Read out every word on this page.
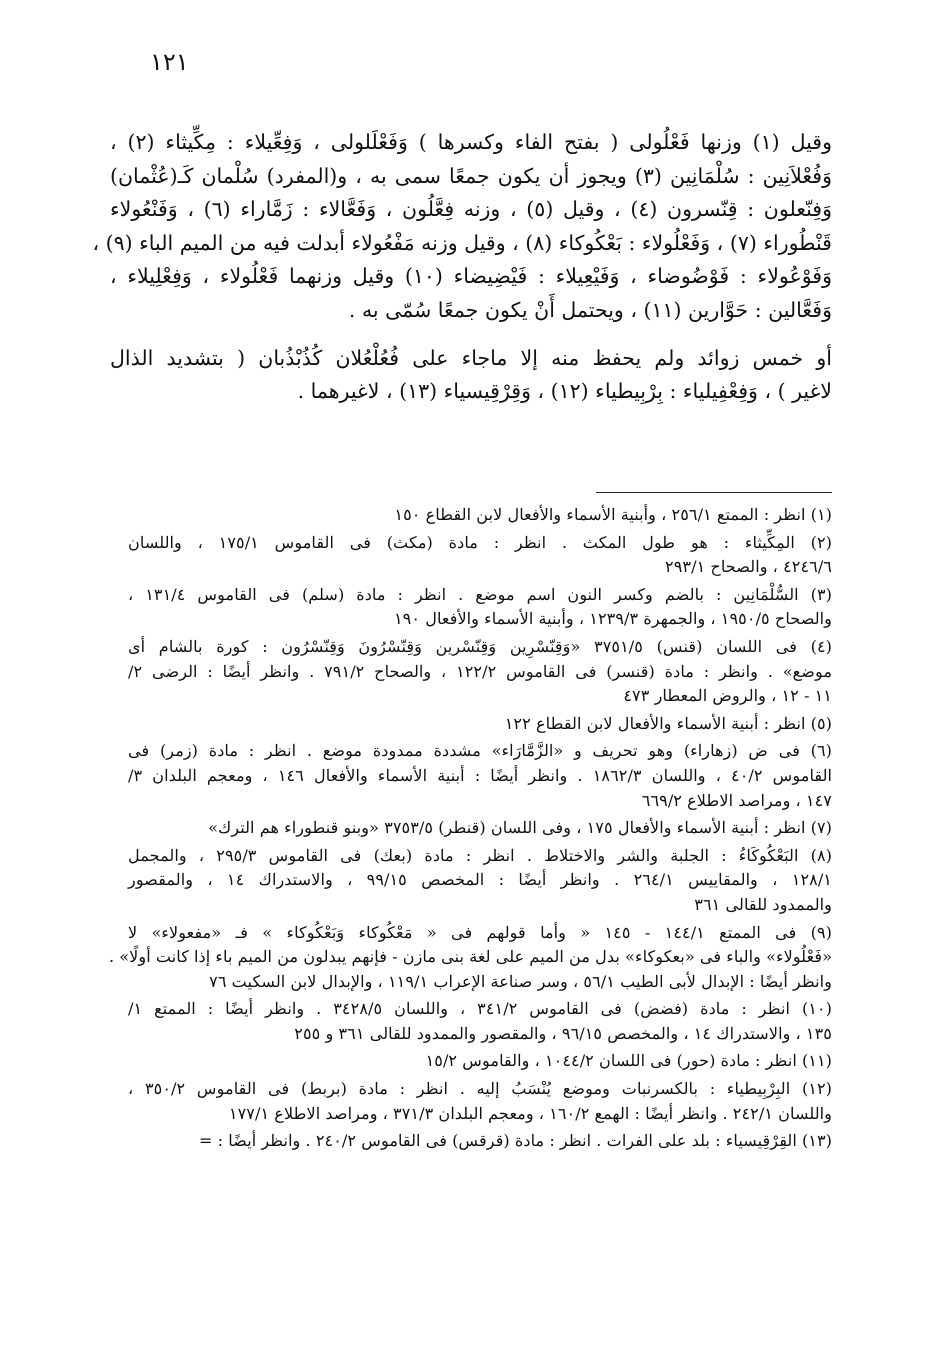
١٢١
وقيل (١) وزنها فَعْلُولى ( بفتح الفاء وكسرها ) وَفَعْلَلولى ، وَفِعِّيلاء : مِكِّيثاء (٢) ،
وَفُعْلاَنِين : سُلْمَانِين (٣) ويجوز أن يكون جمعًا سمى به ، و(المفرد) سُلْمان كَـ(عُثْمان)
وَفِنّعلون : قِنّسرون (٤) ، وقيل (٥) ، وزنه فِعَّلُون ، وَفَعَّالاء : زَمَّاراء (٦) ، وَفَنْعُولاء
قَنْطُوراء (٧) ، وَفَعْلُولاء : بَعْكُوكاء (٨) ، وقيل وزنه مَفْعُولاء أبدلت فيه من الميم الباء (٩) ،
وَفَوْعُولاء : فَوْضُوضاء ، وَفَيْعِيلاء : فَيْضِيضاء (١٠) وقيل وزنهما فَعْلُولاء ، وَفِعْلِيلاء ،
وَفَعَّالين : حَوَّارين (١١) ، ويحتمل أَنْ يكون جمعًا سُمّى به .
أو خمس زوائد ولم يحفظ منه إلا ماجاء على فُعُلْعُلان كُذُبْذُبان ( بتشديد الذال
لاغير ) ، وَفِعْفِيلياء : بِرْبِيطياء (١٢) ، وَقِرْقِيسياء (١٣) ، لاغيرهما .
(١) انظر : الممتع ٢٥٦/١ ، وأبنية الأسماء والأفعال لابن القطاع ١٥٠
(٢) المِكِّيثاء : هو طول المكث . انظر : مادة (مكث) فى القاموس ١٧٥/١ ، واللسان
٤٢٤٦/٦ ، والصحاح ٢٩٣/١
(٣) السُّلْمَانِين : بالضم وكسر النون اسم موضع . انظر : مادة (سلم) فى القاموس ١٣١/٤ ،
والصحاح ١٩٥٠/٥ ، والجمهرة ١٢٣٩/٣ ، وأبنية الأسماء والأفعال ١٩٠
(٤) فى اللسان (قنس) ٣٧٥١/٥ «وَقِنّسْرِين وَقِنّسْرين وَقِنّسْرُونَ وَقِنّسْرُون : كورة بالشام أى
موضع» . وانظر : مادة (قنسر) فى القاموس ١٢٢/٢ ، والصحاح ٧٩١/٢ . وانظر أيضًا : الرضى ٢/
١١ - ١٢ ، والروض المعطار ٤٧٣
(٥) انظر : أبنية الأسماء والأفعال لابن القطاع ١٢٢
(٦) فى ض (زهاراء) وهو تحريف و «الزَّمَّارَاء» مشددة ممدودة موضع . انظر : مادة (زمر) فى
القاموس ٤٠/٢ ، واللسان ١٨٦٢/٣ . وانظر أيضًا : أبنية الأسماء والأفعال ١٤٦ ، ومعجم البلدان ٣/
١٤٧ ، ومراصد الاطلاع ٦٦٩/٢
(٧) انظر : أبنية الأسماء والأفعال ١٧٥ ، وفى اللسان (قنطر) ٣٧٥٣/٥ «وبنو قنطوراء هم الترك»
(٨) البَعْكُوكَاءُ : الجلبة والشر والاختلاط . انظر : مادة (بعك) فى القاموس ٢٩٥/٣ ، والمجمل
١٢٨/١ ، والمقاييس ٢٦٤/١ . وانظر أيضًا : المخصص ٩٩/١٥ ، والاستدراك ١٤ ، والمقصور
والممدود للقالى ٣٦١
(٩) فى الممتع ١٤٤/١ - ١٤٥ « وأما قولهم فى « مَعْكُوكاء وَبَعْكُوكاء » فـ «مفعولاء» لا
«فَعْلُولاء» والباء فى «بعكوكاء» بدل من الميم على لغة بنى مازن - فإنهم يبدلون من الميم باء إذا كانت أولًا» .
وانظر أيضًا : الإبدال لأبى الطيب ٥٦/١ ، وسر صناعة الإعراب ١١٩/١ ، والإبدال لابن السكيت ٧٦
(١٠) انظر : مادة (فضض) فى القاموس ٣٤١/٢ ، واللسان ٣٤٢٨/٥ . وانظر أيضًا : الممتع ١/
١٣٥ ، والاستدراك ١٤ ، والمخصص ٩٦/١٥ ، والمقصور والممدود للقالى ٣٦١ و ٢٥٥
(١١) انظر : مادة (حور) فى اللسان ١٠٤٤/٢ ، والقاموس ١٥/٢
(١٢) البِرْبِيطياء : بالكسرنبات وموضع يُنْسَبُ إليه . انظر : مادة (بربط) فى القاموس ٣٥٠/٢ ،
واللسان ٢٤٢/١ . وانظر أيضًا : الهمع ١٦٠/٢ ، ومعجم البلدان ٣٧١/٣ ، ومراصد الاطلاع ١٧٧/١
(١٣) القِرْقِيسياء : بلد على الفرات . انظر : مادة (قرقس) فى القاموس ٢٤٠/٢ . وانظر أيضًا : =
